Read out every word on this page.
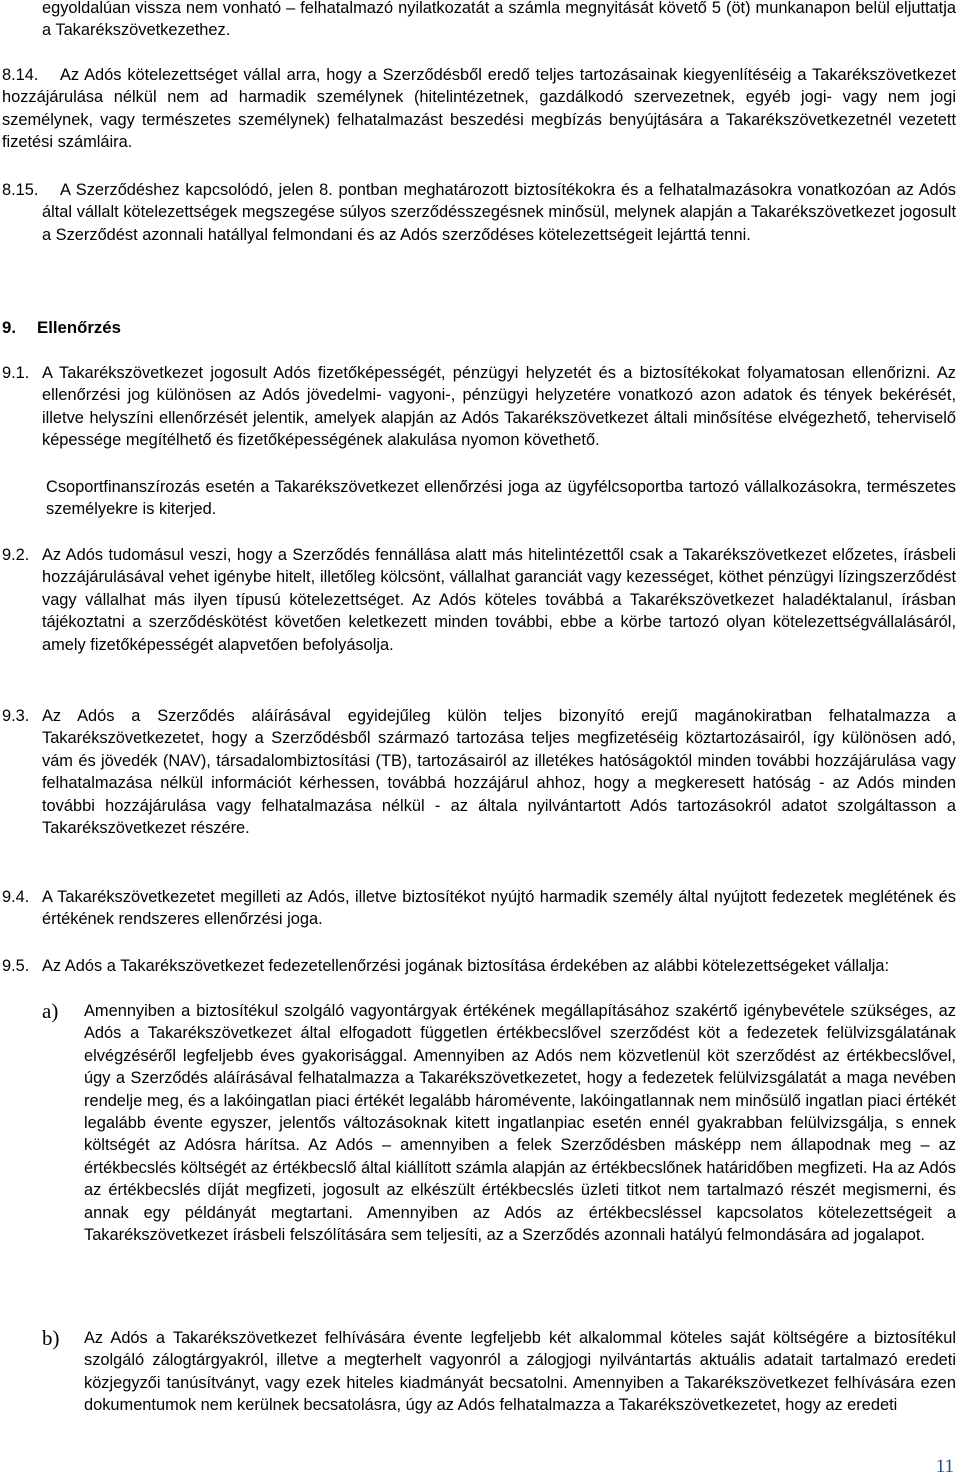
egyoldalúan vissza nem vonható – felhatalmazó nyilatkozatát a számla megnyitását követő 5 (öt) munkanapon belül eljuttatja a Takarékszövetkezethez.
8.14.	Az Adós kötelezettséget vállal arra, hogy a Szerződésből eredő teljes tartozásainak kiegyenlítéséig a Takarékszövetkezet hozzájárulása nélkül nem ad harmadik személynek (hitelintézetnek, gazdálkodó szervezetnek, egyéb jogi- vagy nem jogi személynek, vagy természetes személynek) felhatalmazást beszedési megbízás benyújtására a Takarékszövetkezetnél vezetett fizetési számláira.
8.15.	A Szerződéshez kapcsolódó, jelen 8. pontban meghatározott biztosítékokra és a felhatalmazásokra vonatkozóan az Adós által vállalt kötelezettségek megszegése súlyos szerződésszegésnek minősül, melynek alapján a Takarékszövetkezet jogosult a Szerződést azonnali hatállyal felmondani és az Adós szerződéses kötelezettségeit lejárttá tenni.
9. Ellenőrzés
9.1. A Takarékszövetkezet jogosult Adós fizetőképességét, pénzügyi helyzetét és a biztosítékokat folyamatosan ellenőrizni. Az ellenőrzési jog különösen az Adós jövedelmi- vagyoni-, pénzügyi helyzetére vonatkozó azon adatok és tények bekérését, illetve helyszíni ellenőrzését jelentik, amelyek alapján az Adós Takarékszövetkezet általi minősítése elvégezhető, teherviselő képessége megítélhető és fizetőképességének alakulása nyomon követhető.
Csoportfinanszírozás esetén a Takarékszövetkezet ellenőrzési joga az ügyfélcsoportba tartozó vállalkozásokra, természetes személyekre is kiterjed.
9.2. Az Adós tudomásul veszi, hogy a Szerződés fennállása alatt más hitelintézettől csak a Takarékszövetkezet előzetes, írásbeli hozzájárulásával vehet igénybe hitelt, illetőleg kölcsönt, vállalhat garanciát vagy kezességet, köthet pénzügyi lízingszerződést vagy vállalhat más ilyen típusú kötelezettséget. Az Adós köteles továbbá a Takarékszövetkezet haladéktalanul, írásban tájékoztatni a szerződéskötést követően keletkezett minden további, ebbe a körbe tartozó olyan kötelezettségvállalásáról, amely fizetőképességét alapvetően befolyásolja.
9.3. Az Adós a Szerződés aláírásával egyidejűleg külön teljes bizonyító erejű magánokiratban felhatalmazza a Takarékszövetkezetet, hogy a Szerződésből származó tartozása teljes megfizetéséig köztartozásairól, így különösen adó, vám és jövedék (NAV), társadalombiztosítási (TB), tartozásairól az illetékes hatóságoktól minden további hozzájárulása vagy felhatalmazása nélkül információt kérhessen, továbbá hozzájárul ahhoz, hogy a megkeresett hatóság - az Adós minden további hozzájárulása vagy felhatalmazása nélkül - az általa nyilvántartott Adós tartozásokról adatot szolgáltasson a Takarékszövetkezet részére.
9.4. A Takarékszövetkezetet megilleti az Adós, illetve biztosítékot nyújtó harmadik személy által nyújtott fedezetek meglétének és értékének rendszeres ellenőrzési joga.
9.5. Az Adós a Takarékszövetkezet fedezetellenőrzési jogának biztosítása érdekében az alábbi kötelezettségeket vállalja:
a) Amennyiben a biztosítékul szolgáló vagyontárgyak értékének megállapításához szakértő igénybevétele szükséges, az Adós a Takarékszövetkezet által elfogadott független értékbecslővel szerződést köt a fedezetek felülvizsgálatának elvégzéséről legfeljebb éves gyakorisággal. Amennyiben az Adós nem közvetlenül köt szerződést az értékbecslővel, úgy a Szerződés aláírásával felhatalmazza a Takarékszövetkezetet, hogy a fedezetek felülvizsgálatát a maga nevében rendelje meg, és a lakóingatlan piaci értékét legalább háromévente, lakóingatlannak nem minősülő ingatlan piaci értékét legalább évente egyszer, jelentős változásoknak kitett ingatlanpiac esetén ennél gyakrabban felülvizsgálja, s ennek költségét az Adósra hárítsa. Az Adós – amennyiben a felek Szerződésben másképp nem állapodnak meg – az értékbecslés költségét az értékbecslő által kiállított számla alapján az értékbecslőnek határidőben megfizeti. Ha az Adós az értékbecslés díját megfizeti, jogosult az elkészült értékbecslés üzleti titkot nem tartalmazó részét megismerni, és annak egy példányát megtartani. Amennyiben az Adós az értékbecsléssel kapcsolatos kötelezettségeit a Takarékszövetkezet írásbeli felszólítására sem teljesíti, az a Szerződés azonnali hatályú felmondására ad jogalapot.
b) Az Adós a Takarékszövetkezet felhívására évente legfeljebb két alkalommal köteles saját költségére a biztosítékul szolgáló zálogtárgyakról, illetve a megterhelt vagyonról a zálogjogi nyilvántartás aktuális adatait tartalmazó eredeti közjegyzői tanúsítványt, vagy ezek hiteles kiadmányát becsatolni. Amennyiben a Takarékszövetkezet felhívására ezen dokumentumok nem kerülnek becsatolásra, úgy az Adós felhatalmazza a Takarékszövetkezetet, hogy az eredeti
11
